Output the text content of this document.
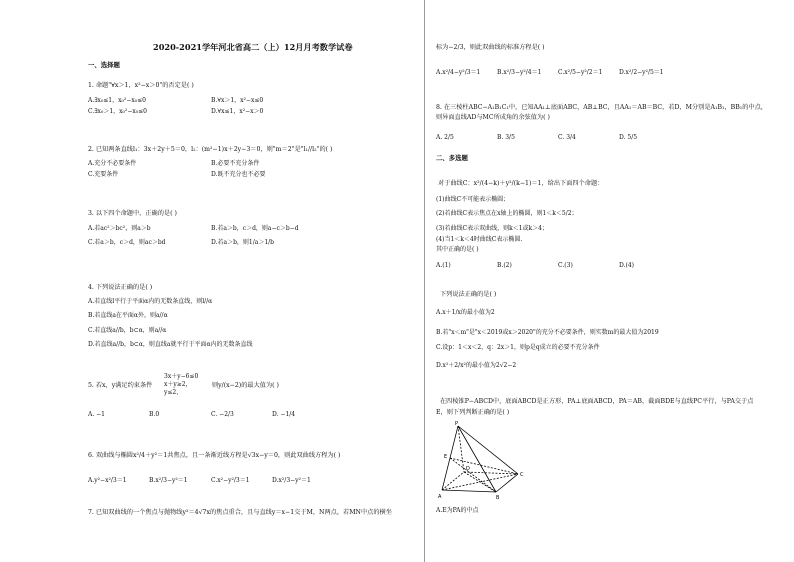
2020-2021学年河北省高二（上）12月月考数学试卷
一、选择题
1. 命题"∀x＞1，x²−x＞0"的否定是( )
A.∃x₀≤1，x₀²−x₀≤0	B.∀x＞1，x²−x≤0
C.∃x₀＞1，x₀²−x₀≤0	D.∀x≤1，x²−x＞0
2. 已知两条直线l₁：3x＋2y＋5＝0，l₂：(m²−1)x＋2y−3＝0，则"m＝2"是"l₁//l₂"的( )
A.充分不必要条件	B.必要不充分条件
C.充要条件	D.既不充分也不必要
3. 以下四个命题中，正确的是( )
A.若ac²＞bc²，则a＞b	B.若a＞b，c＞d，则a−c＞b−d
C.若a＞b，c＞d，则ac＞bd	D.若a＞b，则1/a＞1/b
4. 下列说法正确的是( )
A.若直线l平行于平面α内的无数条直线，则l//α
B.若直线a在平面α外，则a//α
C.若直线a//b，b⊂α，则a//α
D.若直线a//b，b⊂α，则直线a就平行于平面α内的无数条直线
5. 若x，y满足约束条件
3x＋y−6≤0
x＋y≥2，
y≤2，
则y/(x−2)的最大值为( )
A. −1	B.0	C. −2/3	D. −1/4
6. 双曲线与椭圆x²/4＋y²＝1共焦点，且一条渐近线方程是√3x−y＝0，则此双曲线方程为( )
A.y²−x²/3＝1	B.x²/3−y²＝1	C.x²−y²/3＝1	D.x²/3−y²＝1
7. 已知双曲线的一个焦点与抛物线y²＝4√7x的焦点重合，且与直线y＝x−1交于M，N两点，若MN中点的横坐
标为−2/3，则此双曲线的标准方程是( )
A.x²/4−y²/3＝1	B.x²/3−y²/4＝1	C.x²/5−y²/2＝1	D.x²/2−y²/5＝1
8. 在三棱柱ABC−A₁B₁C₁中，已知AA₁⊥底面ABC，AB⊥BC，且AA₁＝AB＝BC，若D，M分别是A₁B₁，BB₁的中点，
则异面直线AD与MC所成角的余弦值为( )
A. 2/5	B. 3/5	C. 3/4	D. 5/5
二、多选题
对于曲线C：x²/(4−k)＋y²/(k−1)＝1，给出下面四个命题：
(1)曲线C不可能表示椭圆；
(2)若曲线C表示焦点在x轴上的椭圆，则1＜k＜5/2；
(3)若曲线C表示双曲线，则k＜1或k＞4；
(4)当1＜k＜4时曲线C表示椭圆.
其中正确的是( )
A.(1)	B.(2)	C.(3)	D.(4)
下列说法正确的是( )
A.x＋1/x的最小值为2
B.若"x＜m"是"x＜2019或x＞2020"的充分不必要条件，则实数m的最大值为2019
C.设p：1＜x＜2，q：2x＞1，则p是q成立的必要不充分条件
D.x²＋2/x²的最小值为2√2−2
在四棱锥P−ABCD中，底面ABCD是正方形，PA⊥底面ABCD，PA＝AB，截面BDE与直线PC平行，与PA交于点
E，则下列判断正确的是( )
A.E为PA的中点
P
E
A	B
C
D
